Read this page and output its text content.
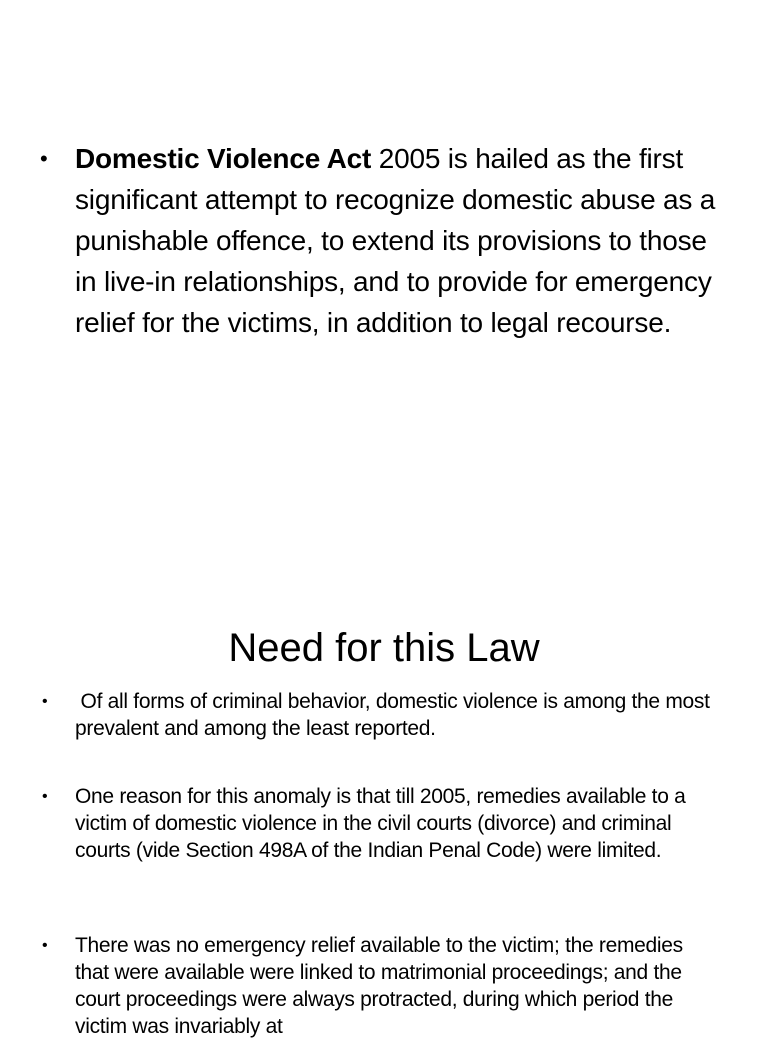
• Domestic Violence Act 2005 is hailed as the first significant attempt to recognize domestic abuse as a punishable offence, to extend its provisions to those in live-in relationships, and to provide for emergency relief for the victims, in addition to legal recourse.
Need for this Law
•	Of all forms of criminal behavior, domestic violence is among the most prevalent and among the least reported.
•	One reason for this anomaly is that till 2005, remedies available to a victim of domestic violence in the civil courts (divorce) and criminal courts (vide Section 498A of the Indian Penal Code) were limited.
•	There was no emergency relief available to the victim; the remedies that were available were linked to matrimonial proceedings; and the court proceedings were always protracted, during which period the victim was invariably at
